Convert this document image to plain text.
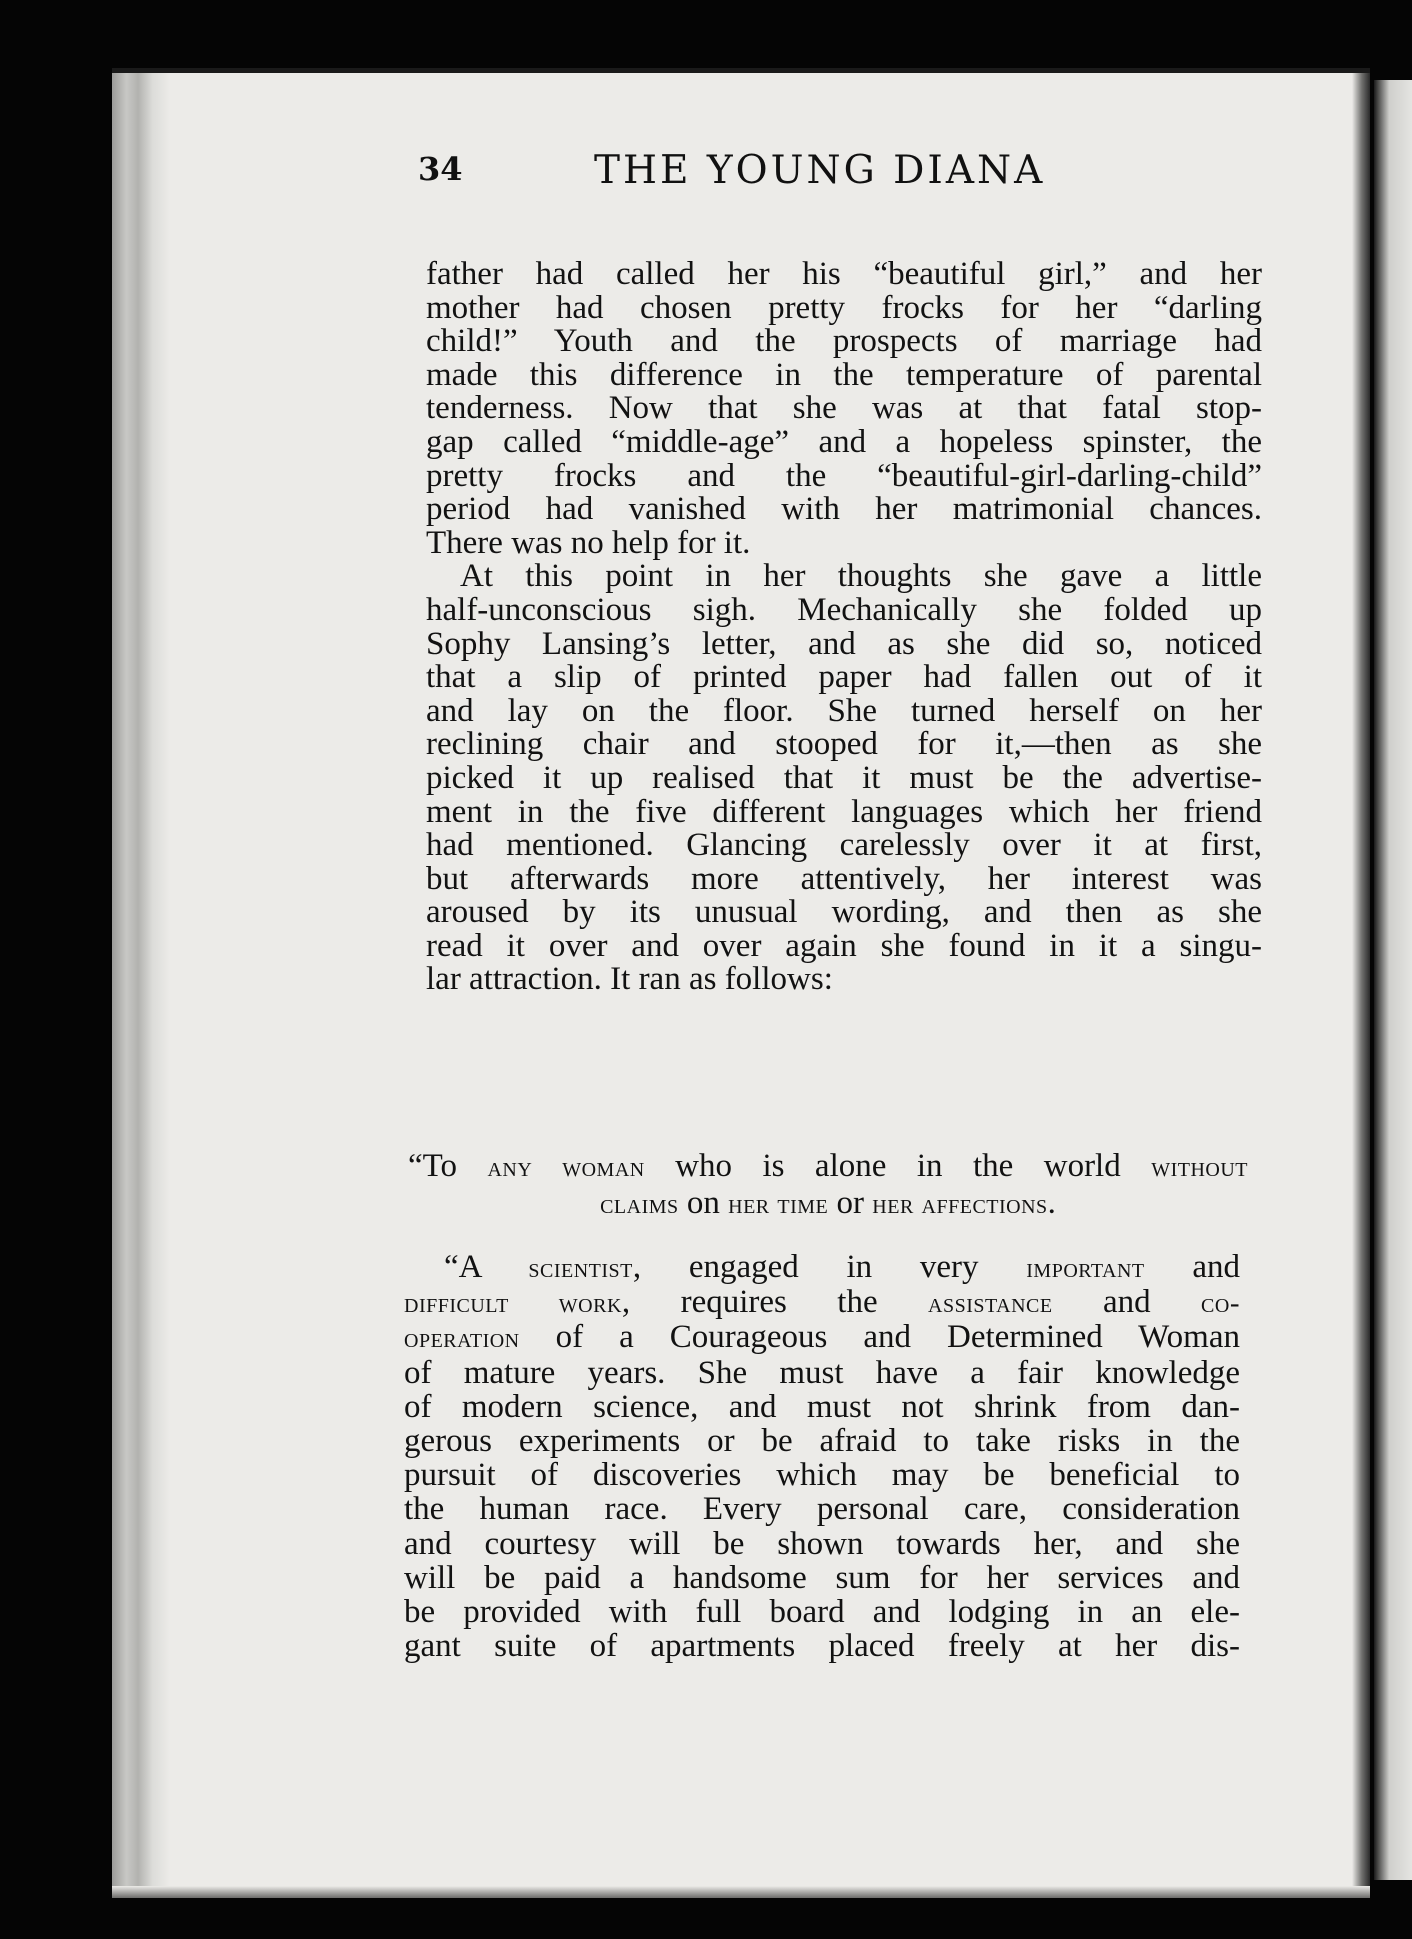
34	THE YOUNG DIANA
father had called her his “beautiful girl,” and her
mother had chosen pretty frocks for her “darling
child!” Youth and the prospects of marriage had
made this difference in the temperature of parental
tenderness. Now that she was at that fatal stop-
gap called “middle-age” and a hopeless spinster, the
pretty frocks and the “beautiful-girl-darling-child”
period had vanished with her matrimonial chances.
There was no help for it.
At this point in her thoughts she gave a little
half-unconscious sigh. Mechanically she folded up
Sophy Lansing’s letter, and as she did so, noticed
that a slip of printed paper had fallen out of it
and lay on the floor. She turned herself on her
reclining chair and stooped for it,—then as she
picked it up realised that it must be the advertise-
ment in the five different languages which her friend
had mentioned. Glancing carelessly over it at first,
but afterwards more attentively, her interest was
aroused by its unusual wording, and then as she
read it over and over again she found in it a singu-
lar attraction. It ran as follows:
“To any woman who is alone in the world without
claims on her time or her affections.
“A scientist, engaged in very important and
difficult work, requires the assistance and co-
operation of a Courageous and Determined Woman
of mature years. She must have a fair knowledge
of modern science, and must not shrink from dan-
gerous experiments or be afraid to take risks in the
pursuit of discoveries which may be beneficial to
the human race. Every personal care, consideration
and courtesy will be shown towards her, and she
will be paid a handsome sum for her services and
be provided with full board and lodging in an ele-
gant suite of apartments placed freely at her dis-
